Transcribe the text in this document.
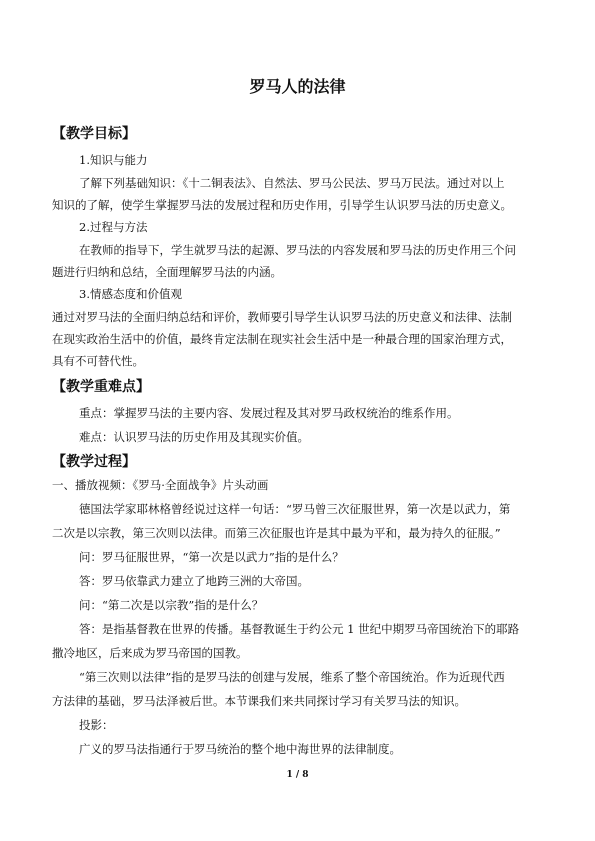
罗马人的法律
【教学目标】
1.知识与能力
了解下列基础知识：《十二铜表法》、自然法、罗马公民法、罗马万民法。通过对以上
知识的了解，使学生掌握罗马法的发展过程和历史作用，引导学生认识罗马法的历史意义。
2.过程与方法
在教师的指导下，学生就罗马法的起源、罗马法的内容发展和罗马法的历史作用三个问
题进行归纳和总结，全面理解罗马法的内涵。
3.情感态度和价值观
通过对罗马法的全面归纳总结和评价，教师要引导学生认识罗马法的历史意义和法律、法制
在现实政治生活中的价值，最终肯定法制在现实社会生活中是一种最合理的国家治理方式，
具有不可替代性。
【教学重难点】
重点：掌握罗马法的主要内容、发展过程及其对罗马政权统治的维系作用。
难点：认识罗马法的历史作用及其现实价值。
【教学过程】
一、播放视频：《罗马·全面战争》片头动画
德国法学家耶林格曾经说过这样一句话：“罗马曾三次征服世界，第一次是以武力，第
二次是以宗教，第三次则以法律。而第三次征服也许是其中最为平和，最为持久的征服。”
问：罗马征服世界，“第一次是以武力”指的是什么？
答：罗马依靠武力建立了地跨三洲的大帝国。
问：“第二次是以宗教”指的是什么？
答：是指基督教在世界的传播。基督教诞生于约公元 1 世纪中期罗马帝国统治下的耶路
撒冷地区，后来成为罗马帝国的国教。
“第三次则以法律”指的是罗马法的创建与发展，维系了整个帝国统治。作为近现代西
方法律的基础，罗马法泽被后世。本节课我们来共同探讨学习有关罗马法的知识。
1 / 8
投影：
广义的罗马法指通行于罗马统治的整个地中海世界的法律制度。
